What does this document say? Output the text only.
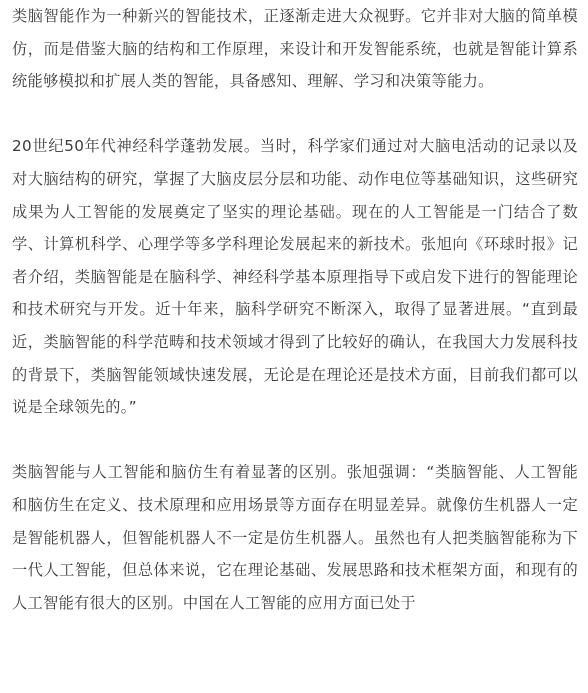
类脑智能作为一种新兴的智能技术，正逐渐走进大众视野。它并非对大脑的简单模仿，而是借鉴大脑的结构和工作原理，来设计和开发智能系统，也就是智能计算系统能够模拟和扩展人类的智能，具备感知、理解、学习和决策等能力。

20世纪50年代神经科学蓬勃发展。当时，科学家们通过对大脑电活动的记录以及对大脑结构的研究，掌握了大脑皮层分层和功能、动作电位等基础知识，这些研究成果为人工智能的发展奠定了坚实的理论基础。现在的人工智能是一门结合了数学、计算机科学、心理学等多学科理论发展起来的新技术。张旭向《环球时报》记者介绍，类脑智能是在脑科学、神经科学基本原理指导下或启发下进行的智能理论和技术研究与开发。近十年来，脑科学研究不断深入，取得了显著进展。“直到最近，类脑智能的科学范畴和技术领域才得到了比较好的确认，在我国大力发展科技的背景下，类脑智能领域快速发展，无论是在理论还是技术方面，目前我们都可以说是全球领先的。”

类脑智能与人工智能和脑仿生有着显著的区别。张旭强调：“类脑智能、人工智能和脑仿生在定义、技术原理和应用场景等方面存在明显差异。就像仿生机器人一定是智能机器人，但智能机器人不一定是仿生机器人。虽然也有人把类脑智能称为下一代人工智能，但总体来说，它在理论基础、发展思路和技术框架方面，和现有的人工智能有很大的区别。中国在人工智能的应用方面已处于
